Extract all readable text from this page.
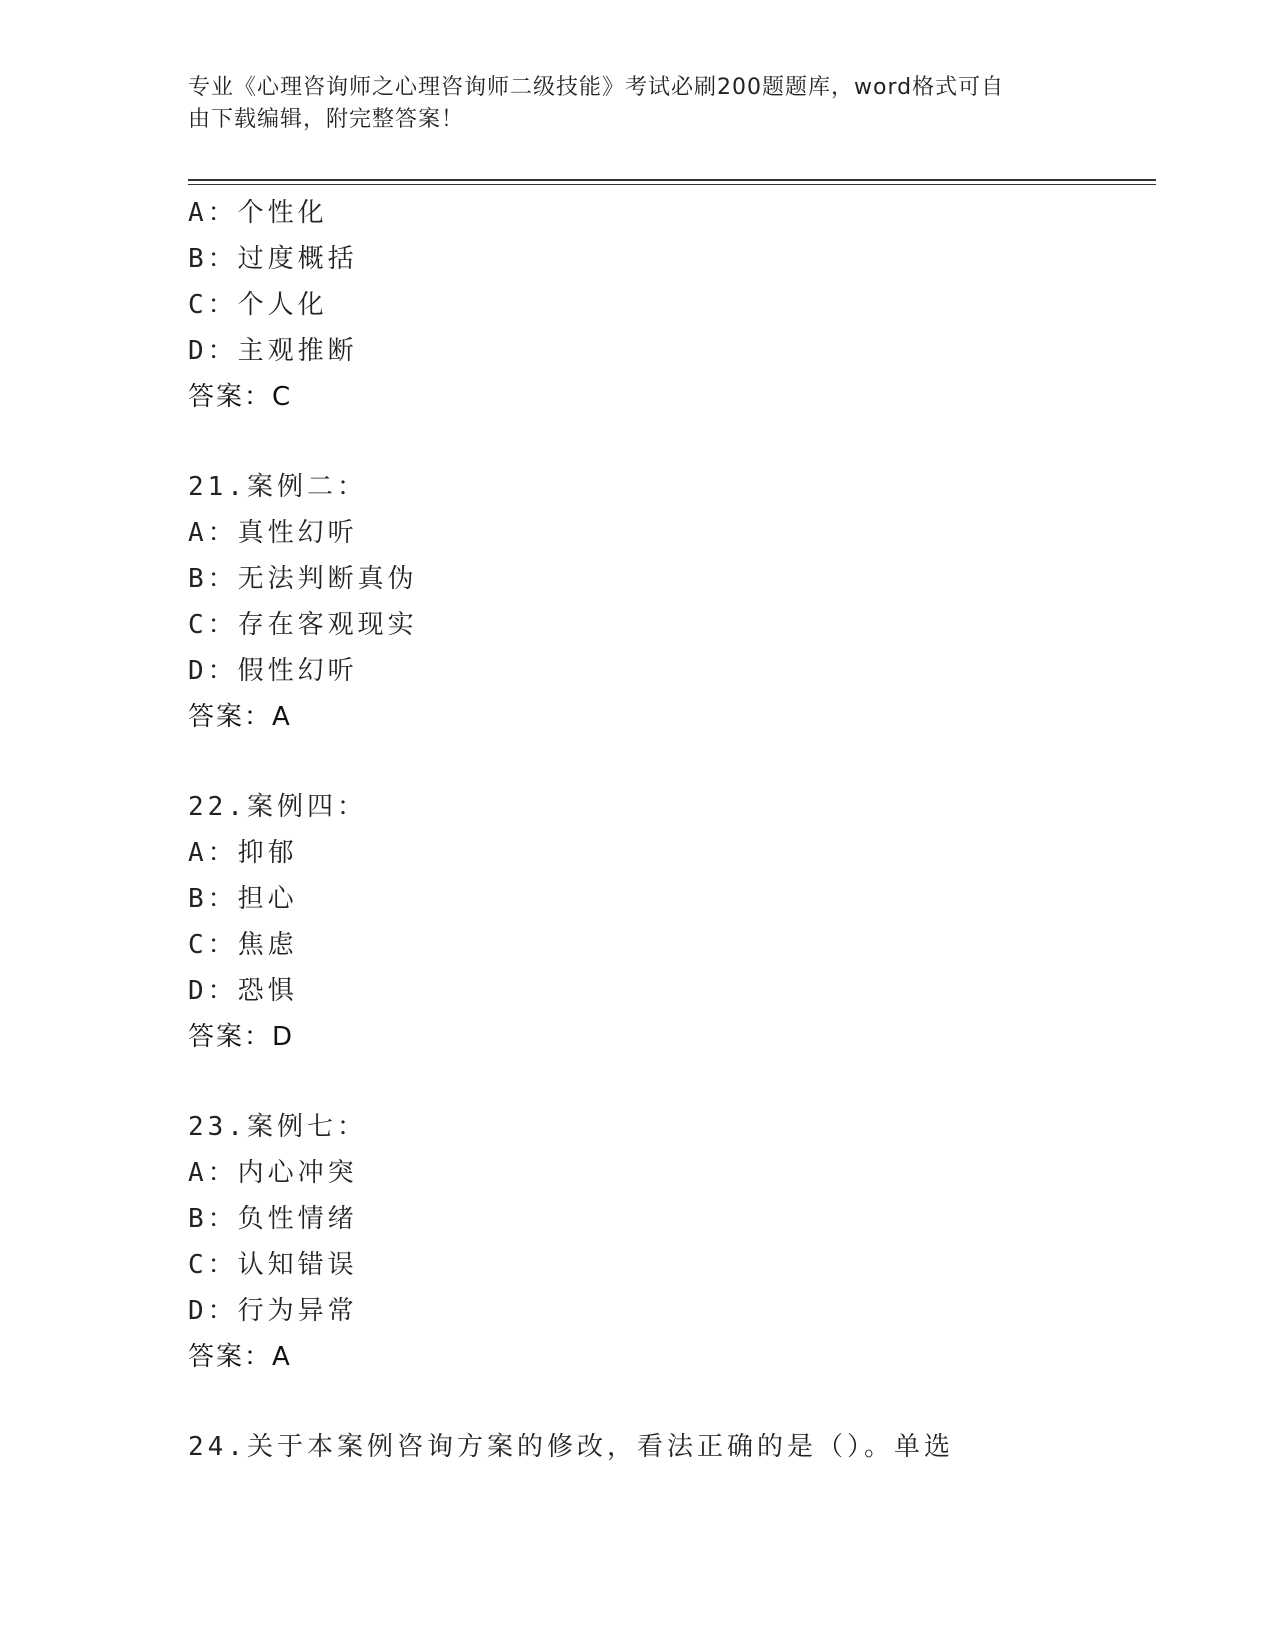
专业《心理咨询师之心理咨询师二级技能》考试必刷200题题库，word格式可自
由下载编辑，附完整答案！
A：个性化
B：过度概括
C：个人化
D：主观推断
答案：C
21.案例二：
A：真性幻听
B：无法判断真伪
C：存在客观现实
D：假性幻听
答案：A
22.案例四：
A：抑郁
B：担心
C：焦虑
D：恐惧
答案：D
23.案例七：
A：内心冲突
B：负性情绪
C：认知错误
D：行为异常
答案：A
24.关于本案例咨询方案的修改，看法正确的是（）。单选
